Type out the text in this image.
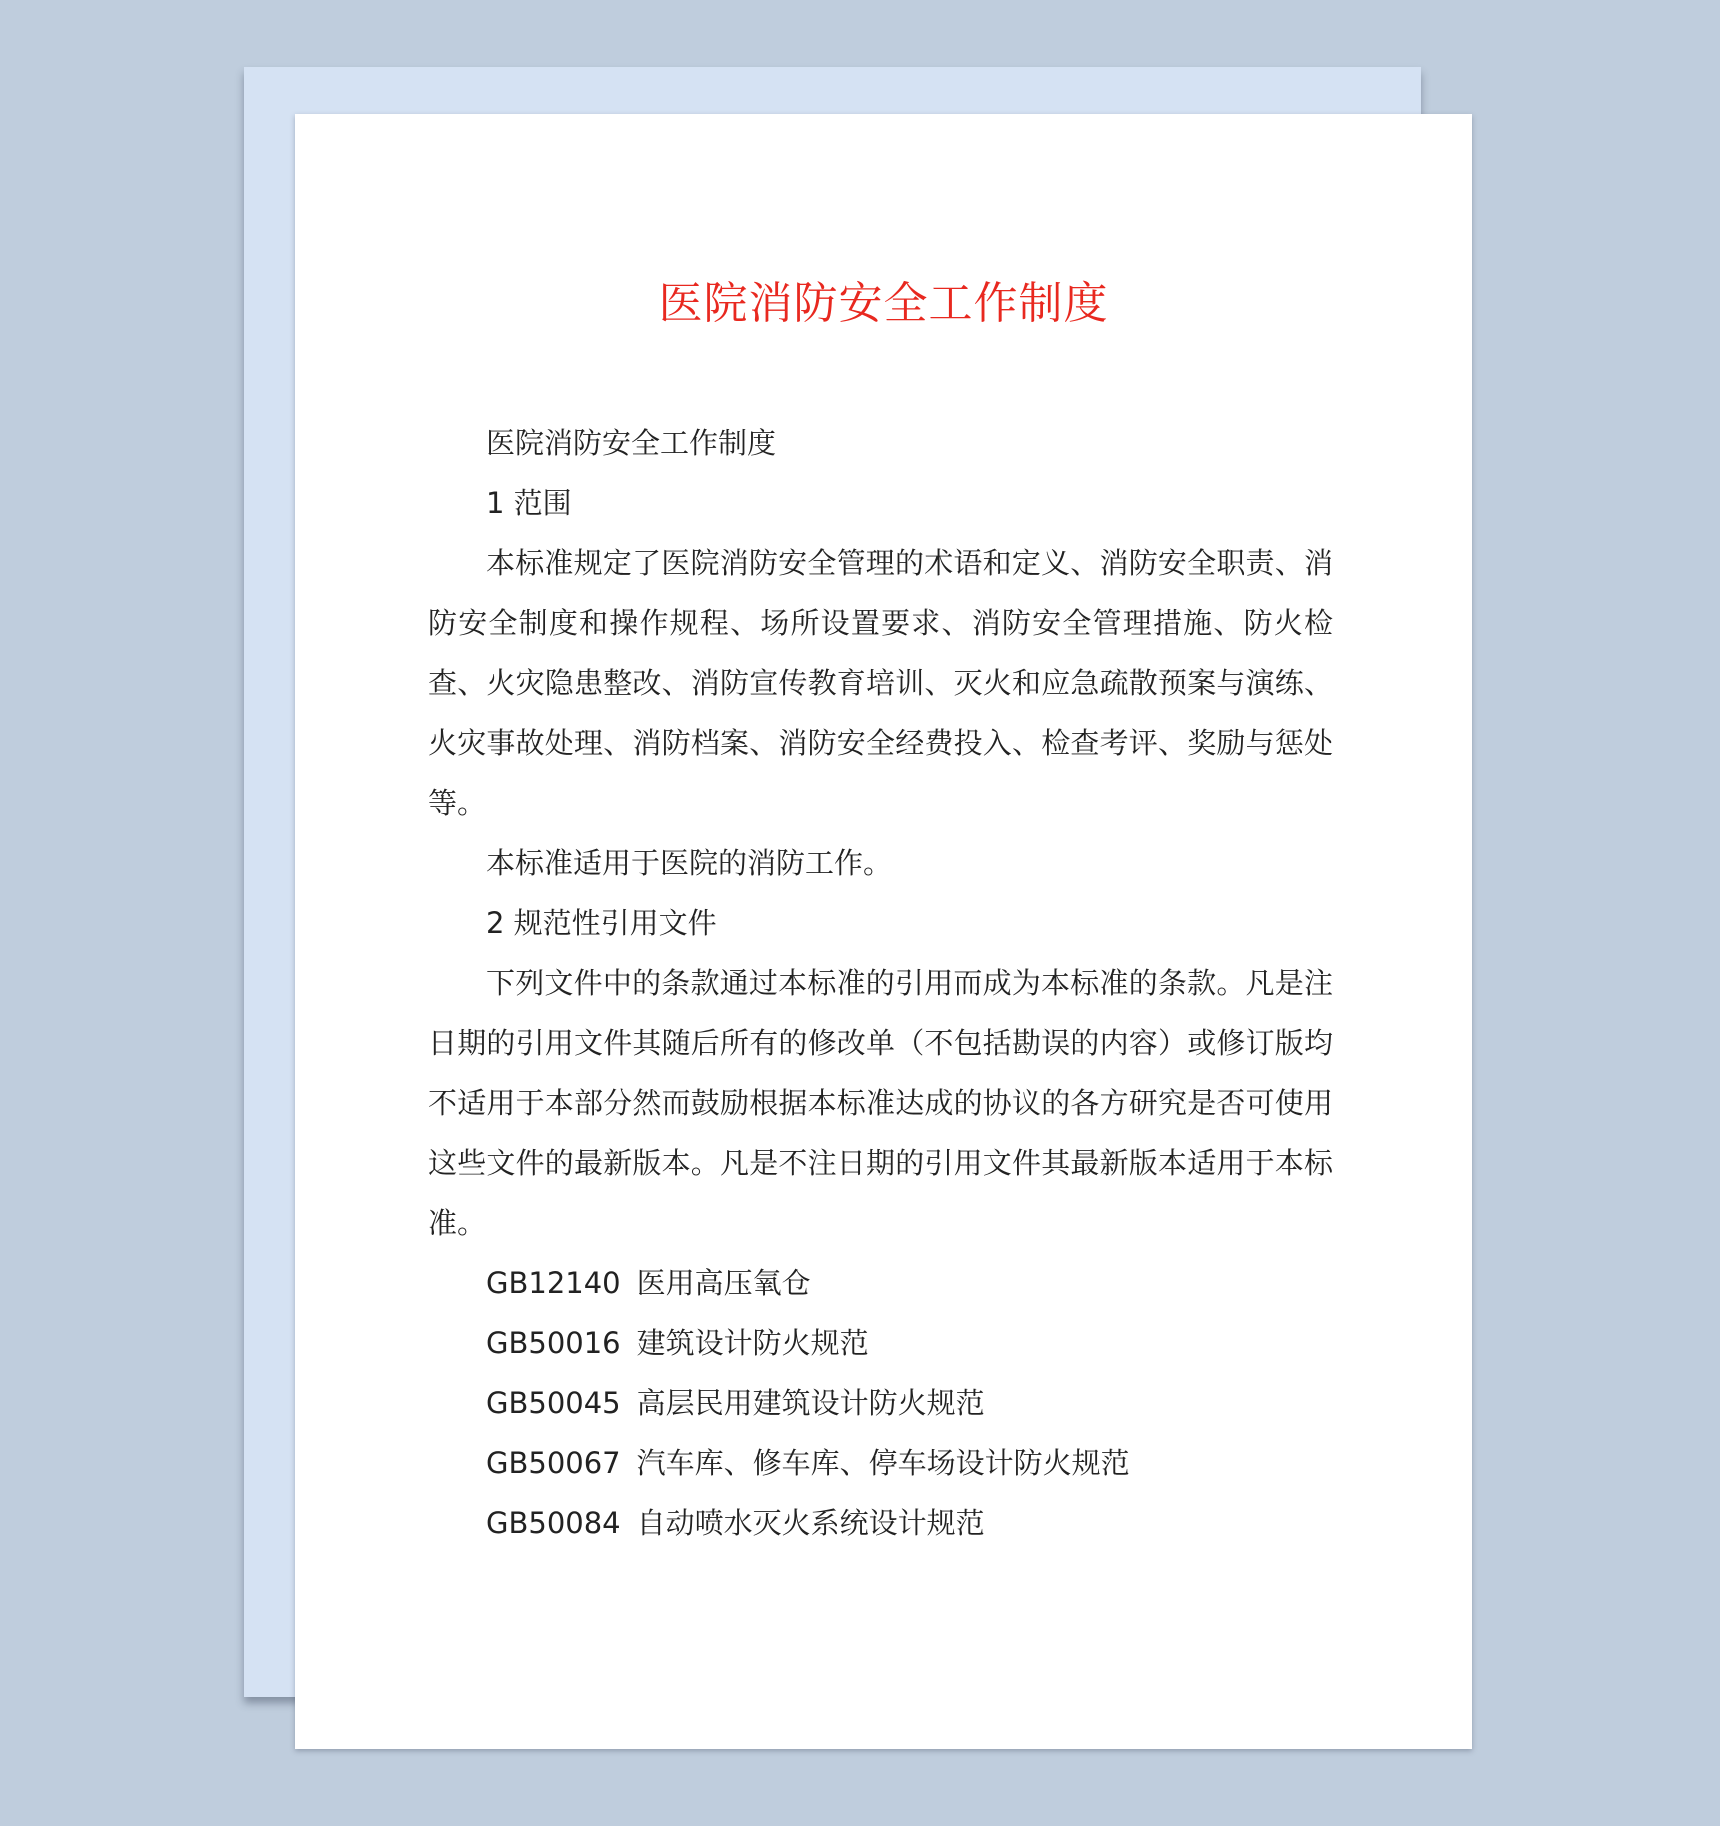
医院消防安全工作制度

医院消防安全工作制度

1 范围

本标准规定了医院消防安全管理的术语和定义、消防安全职责、消防安全制度和操作规程、场所设置要求、消防安全管理措施、防火检查、火灾隐患整改、消防宣传教育培训、灭火和应急疏散预案与演练、火灾事故处理、消防档案、消防安全经费投入、检查考评、奖励与惩处等。

本标准适用于医院的消防工作。

2 规范性引用文件

下列文件中的条款通过本标准的引用而成为本标准的条款。凡是注日期的引用文件其随后所有的修改单（不包括勘误的内容）或修订版均不适用于本部分然而鼓励根据本标准达成的协议的各方研究是否可使用这些文件的最新版本。凡是不注日期的引用文件其最新版本适用于本标准。

GB12140 医用高压氧仓

GB50016 建筑设计防火规范

GB50045 高层民用建筑设计防火规范

GB50067 汽车库、修车库、停车场设计防火规范

GB50084 自动喷水灭火系统设计规范
